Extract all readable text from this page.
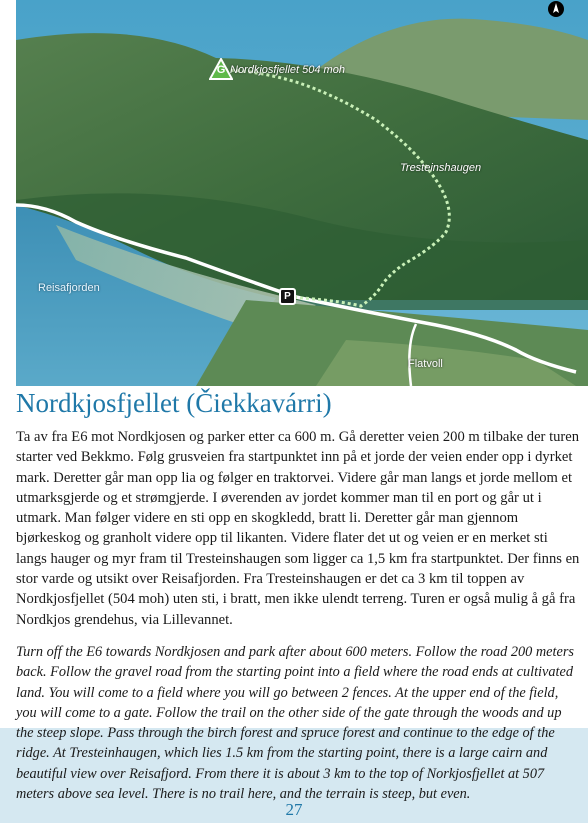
G Nordkjosfjellet 504 moh
Tresteinshaugen
Reisafjorden
Flatvoll
P
Nordkjosfjellet (Čiekkavárri)

Ta av fra E6 mot Nordkjosen og parker etter ca 600 m. Gå deretter veien 200 m tilbake der turen starter ved Bekkmo. Følg grusveien fra startpunktet inn på et jorde der veien ender opp i dyrket mark. Deretter går man opp lia og følger en traktorvei. Videre går man langs et jorde mellom et utmarksgjerde og et strømgjerde. I øverenden av jordet kommer man til en port og går ut i utmark. Man følger videre en sti opp en skogkledd, bratt li. Deretter går man gjennom bjørkeskog og granholt videre opp til likanten. Videre flater det ut og veien er en merket sti langs hauger og myr fram til Tresteinshaugen som ligger ca 1,5 km fra startpunktet. Der finns en stor varde og utsikt over Reisafjorden. Fra Tresteinshaugen er det ca 3 km til toppen av Nordkjosfjellet (504 moh) uten sti, i bratt, men ikke ulendt terreng. Turen er også mulig å gå fra Nordkjos grendehus, via Lillevannet.

Turn off the E6 towards Nordkjosen and park after about 600 meters. Follow the road 200 meters back. Follow the gravel road from the starting point into a field where the road ends at cultivated land. You will come to a field where you will go between 2 fences. At the upper end of the field, you will come to a gate. Follow the trail on the other side of the gate through the woods and up the steep slope. Pass through the birch forest and spruce forest and continue to the edge of the ridge. At Tresteinhaugen, which lies 1.5 km from the starting point, there is a large cairn and beautiful view over Reisafjord. From there it is about 3 km to the top of Norkjosfjellet at 507 meters above sea level. There is no trail here, and the terrain is steep, but even.

27
